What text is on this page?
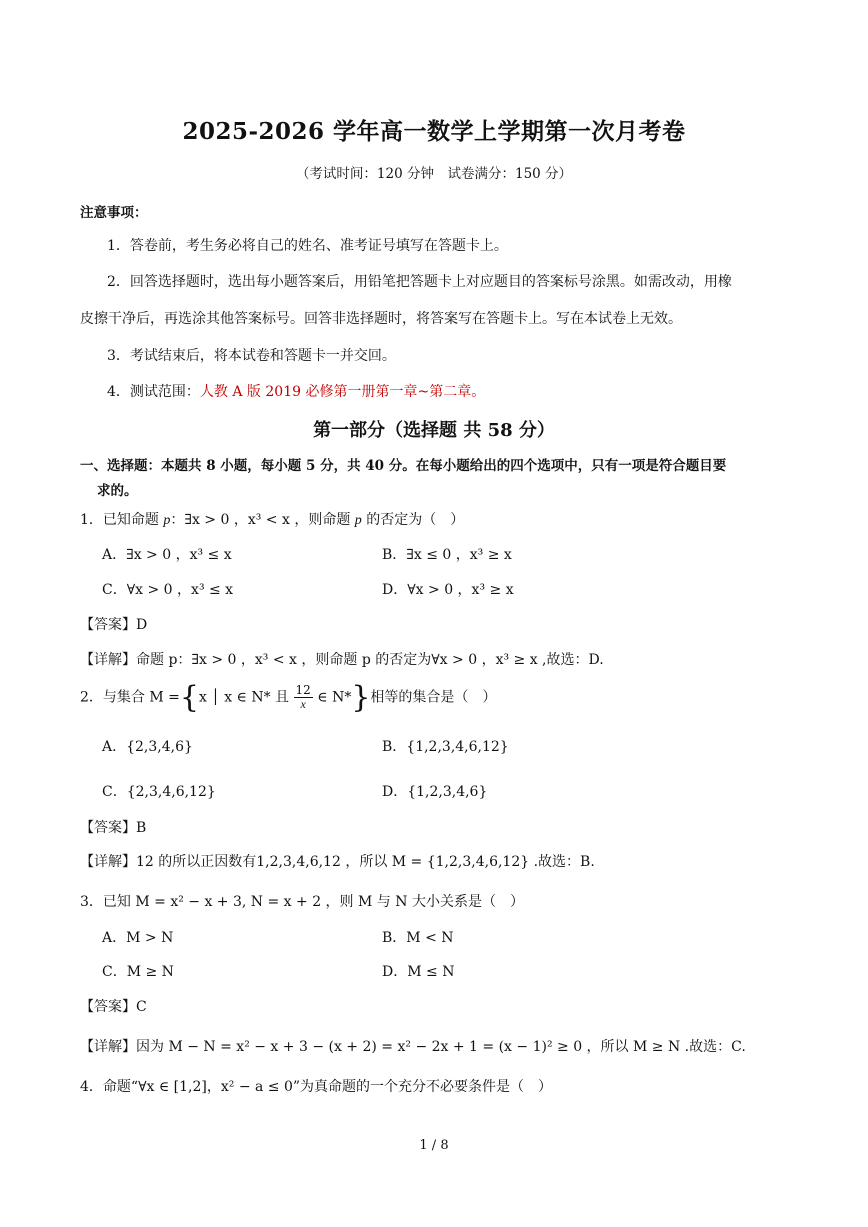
2025-2026 学年高一数学上学期第一次月考卷
（考试时间：120 分钟　试卷满分：150 分）
注意事项：
1．答卷前，考生务必将自己的姓名、准考证号填写在答题卡上。
2．回答选择题时，选出每小题答案后，用铅笔把答题卡上对应题目的答案标号涂黑。如需改动，用橡
皮擦干净后，再选涂其他答案标号。回答非选择题时，将答案写在答题卡上。写在本试卷上无效。
3．考试结束后，将本试卷和答题卡一并交回。
4．测试范围：人教 A 版 2019 必修第一册第一章~第二章。
第一部分（选择题 共 58 分）
一、选择题：本题共 8 小题，每小题 5 分，共 40 分。在每小题给出的四个选项中，只有一项是符合题目要
求的。
1．已知命题 p：∃x > 0 ，x³ < x ，则命题 p 的否定为（　）
A．∃x > 0 ，x³ ≤ x	B．∃x ≤ 0 ，x³ ≥ x
C．∀x > 0 ，x³ ≤ x	D．∀x > 0 ，x³ ≥ x
【答案】D
【详解】命题 p：∃x > 0 ，x³ < x ，则命题 p 的否定为∀x > 0 ，x³ ≥ x ,故选：D.
2．与集合 M ={x │ x ∈ N* 且 $\frac{12}{x}$ ∈ N*}相等的集合是（　）
A．{2,3,4,6}	B．{1,2,3,4,6,12}
C．{2,3,4,6,12}	D．{1,2,3,4,6}
【答案】B
【详解】12 的所以正因数有1,2,3,4,6,12 ，所以 M = {1,2,3,4,6,12} .故选：B.
3．已知 M = x² − x + 3, N = x + 2 ，则 M 与 N 大小关系是（　）
A．M > N	B．M < N
C．M ≥ N	D．M ≤ N
【答案】C
【详解】因为 M − N = x² − x + 3 − (x + 2) = x² − 2x + 1 = (x − 1)² ≥ 0 ，所以 M ≥ N .故选：C.
4．命题“∀x ∈ [1,2]，x² − a ≤ 0”为真命题的一个充分不必要条件是（　）
1 / 8
